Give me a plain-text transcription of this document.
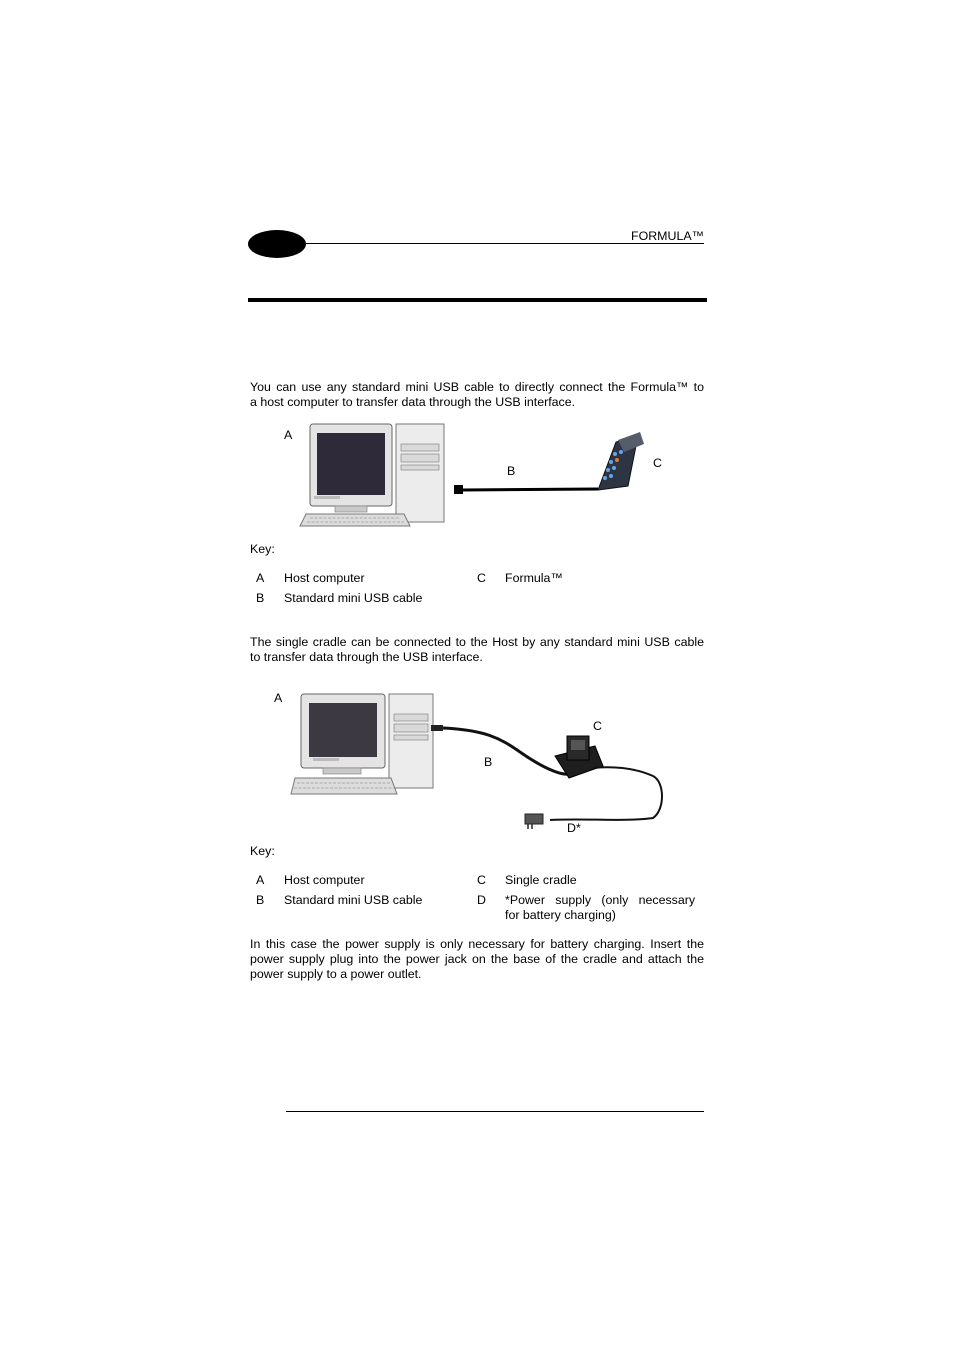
FORMULA™
You can use any standard mini USB cable to directly connect the Formula™ to
a host computer to transfer data through the USB interface.
A
B
C
Key:
A Host computer
B Standard mini USB cable
C Formula™
The single cradle can be connected to the Host by any standard mini USB cable
to transfer data through the USB interface.
A
B
C
D*
Key:
A Host computer
B Standard mini USB cable
C Single cradle
D *Power   supply   (only   necessary
for battery charging)
In this case the power supply is only necessary for battery charging. Insert the
power supply plug into the power jack on the base of the cradle and attach the
power supply to a power outlet.
